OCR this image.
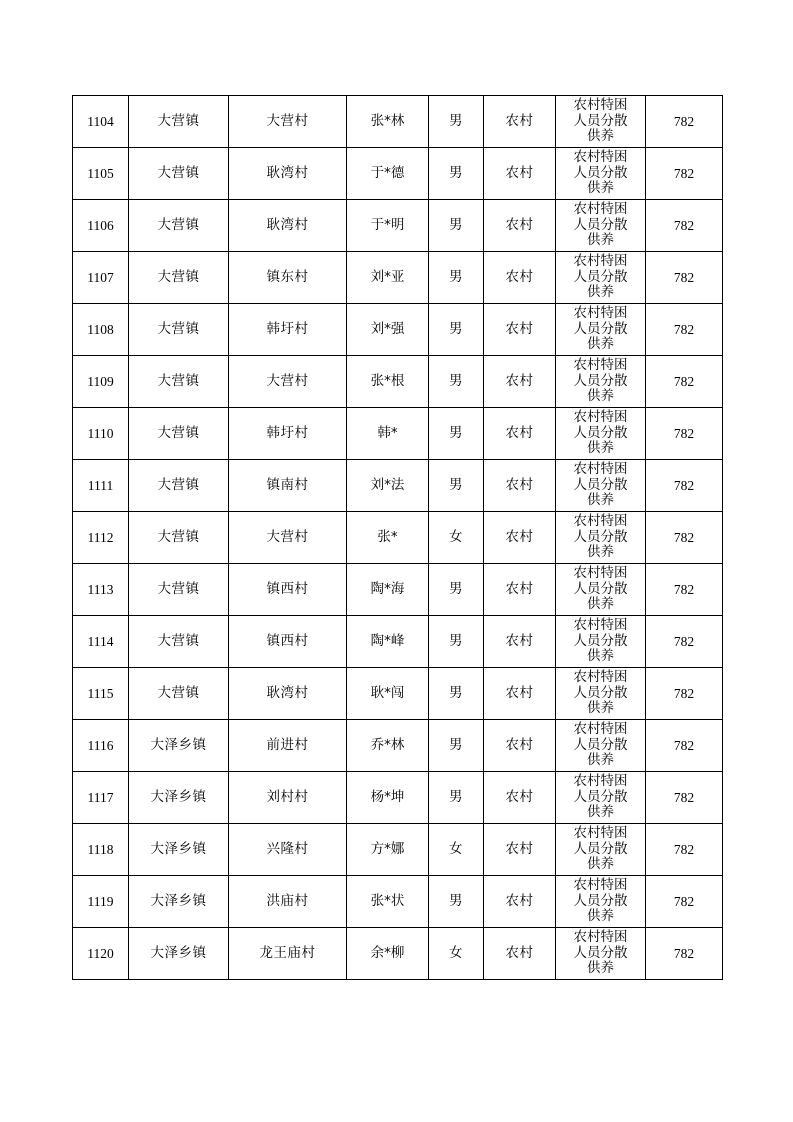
1104	大营镇	大营村	张*林	男	农村	农村特困
人员分散
供养	782
1105	大营镇	耿湾村	于*德	男	农村	农村特困
人员分散
供养	782
1106	大营镇	耿湾村	于*明	男	农村	农村特困
人员分散
供养	782
1107	大营镇	镇东村	刘*亚	男	农村	农村特困
人员分散
供养	782
1108	大营镇	韩圩村	刘*强	男	农村	农村特困
人员分散
供养	782
1109	大营镇	大营村	张*根	男	农村	农村特困
人员分散
供养	782
1110	大营镇	韩圩村	韩*	男	农村	农村特困
人员分散
供养	782
1111	大营镇	镇南村	刘*法	男	农村	农村特困
人员分散
供养	782
1112	大营镇	大营村	张*	女	农村	农村特困
人员分散
供养	782
1113	大营镇	镇西村	陶*海	男	农村	农村特困
人员分散
供养	782
1114	大营镇	镇西村	陶*峰	男	农村	农村特困
人员分散
供养	782
1115	大营镇	耿湾村	耿*闯	男	农村	农村特困
人员分散
供养	782
1116	大泽乡镇	前进村	乔*林	男	农村	农村特困
人员分散
供养	782
1117	大泽乡镇	刘村村	杨*坤	男	农村	农村特困
人员分散
供养	782
1118	大泽乡镇	兴隆村	方*娜	女	农村	农村特困
人员分散
供养	782
1119	大泽乡镇	洪庙村	张*状	男	农村	农村特困
人员分散
供养	782
1120	大泽乡镇	龙王庙村	余*柳	女	农村	农村特困
人员分散
供养	782
